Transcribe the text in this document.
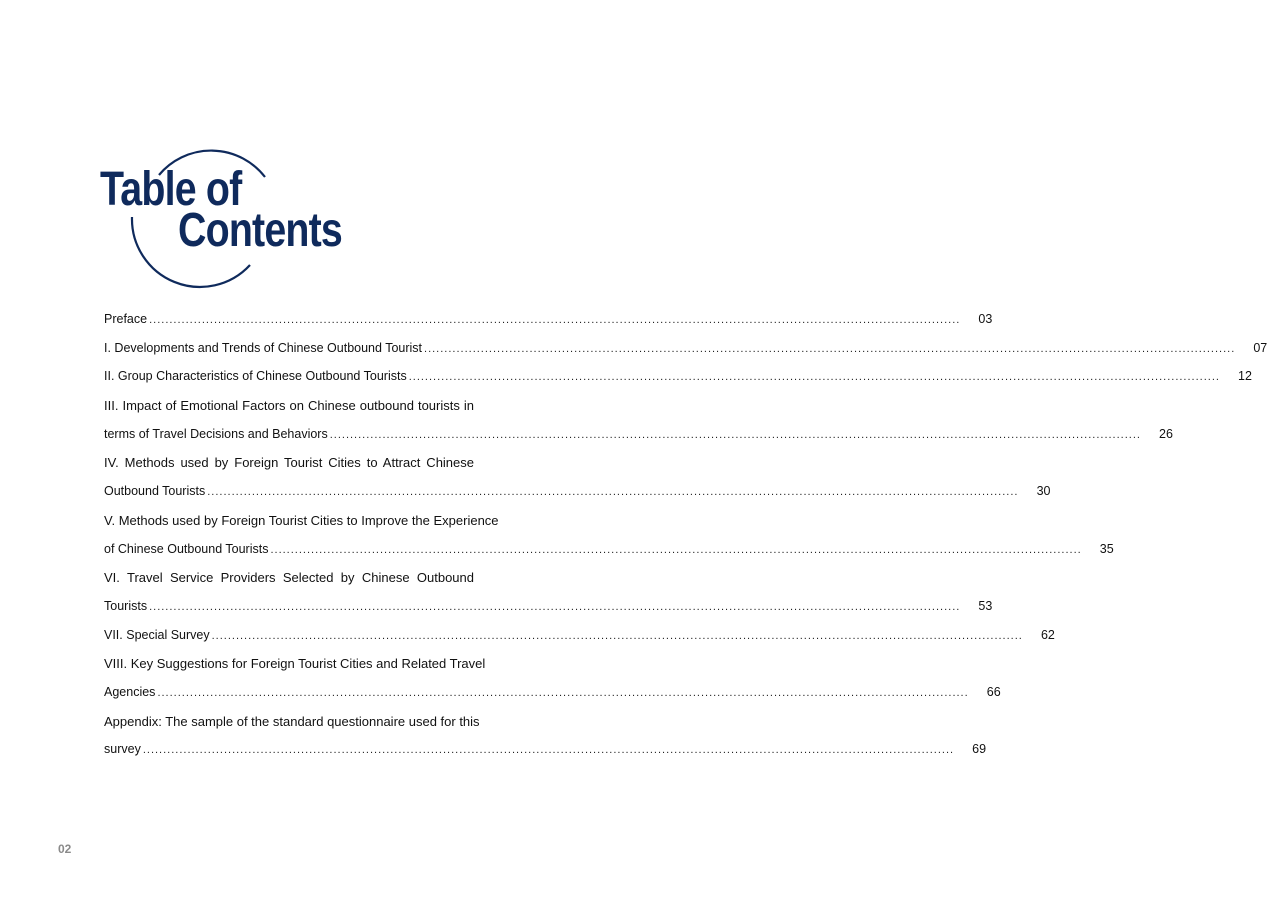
Table of
Contents
Preface ........................................................................................................................................................................................................	03
I. Developments and Trends of Chinese Outbound Tourist ........................................................................................................................................................................................................	07
II. Group Characteristics of Chinese Outbound Tourists ........................................................................................................................................................................................................	12
III. Impact of Emotional Factors on Chinese outbound tourists in
terms of Travel Decisions and Behaviors ........................................................................................................................................................................................................	26
IV. Methods used by Foreign Tourist Cities to Attract Chinese
Outbound Tourists ........................................................................................................................................................................................................	30
V. Methods used by Foreign Tourist Cities to Improve the Experience
of Chinese Outbound Tourists ........................................................................................................................................................................................................	35
VI. Travel Service Providers Selected by Chinese Outbound
Tourists ........................................................................................................................................................................................................	53
VII. Special Survey ........................................................................................................................................................................................................	62
VIII. Key Suggestions for Foreign Tourist Cities and Related Travel
Agencies ........................................................................................................................................................................................................	66
Appendix: The sample of the standard questionnaire used for this
survey ........................................................................................................................................................................................................	69
02
